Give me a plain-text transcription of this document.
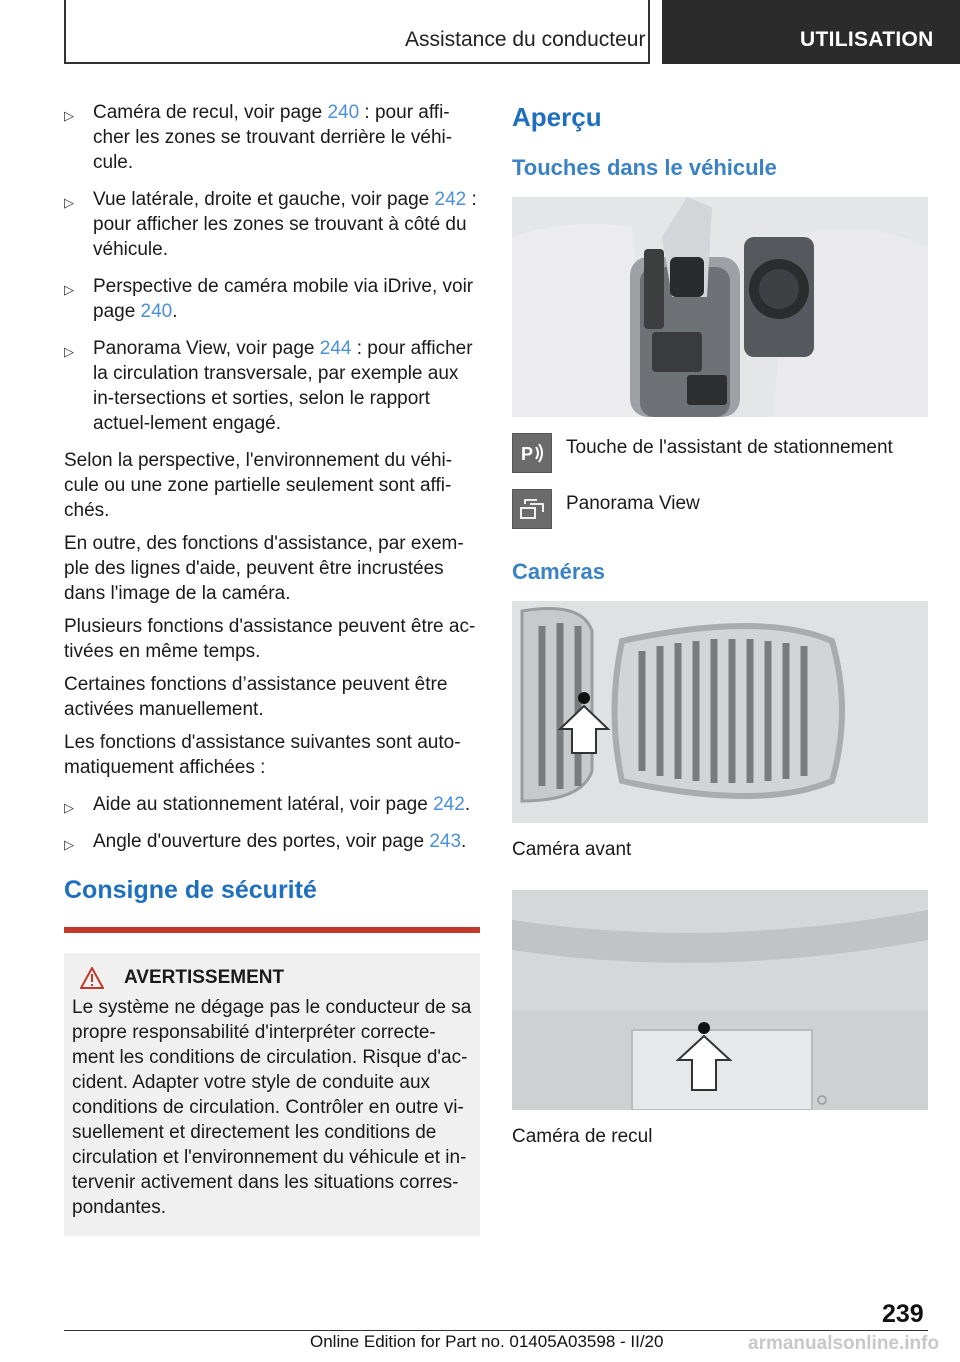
Assistance du conducteur	UTILISATION
▷ Caméra de recul, voir page 240 : pour affi-cher les zones se trouvant derrière le véhi-cule.
▷ Vue latérale, droite et gauche, voir page 242 : pour afficher les zones se trouvant à côté du véhicule.
▷ Perspective de caméra mobile via iDrive, voir page 240.
▷ Panorama View, voir page 244 : pour afficher la circulation transversale, par exemple aux in-tersections et sorties, selon le rapport actuel-lement engagé.

Selon la perspective, l'environnement du véhi-cule ou une zone partielle seulement sont affi-chés.

En outre, des fonctions d'assistance, par exem-ple des lignes d'aide, peuvent être incrustées dans l'image de la caméra.

Plusieurs fonctions d'assistance peuvent être ac-tivées en même temps.

Certaines fonctions d’assistance peuvent être activées manuellement.

Les fonctions d'assistance suivantes sont auto-matiquement affichées :

▷ Aide au stationnement latéral, voir page 242.
▷ Angle d'ouverture des portes, voir page 243.
Consigne de sécurité
AVERTISSEMENT

Le système ne dégage pas le conducteur de sa propre responsabilité d'interpréter correcte-ment les conditions de circulation. Risque d'ac-cident. Adapter votre style de conduite aux conditions de circulation. Contrôler en outre vi-suellement et directement les conditions de circulation et l'environnement du véhicule et in-tervenir activement dans les situations corres-pondantes.

Aperçu
Touches dans le véhicule
P Touche de l'assistant de stationnement
Panorama View
Caméras
Caméra avant
Caméra de recul
239
Online Edition for Part no. 01405A03598 - II/20	armanualsonline.info
